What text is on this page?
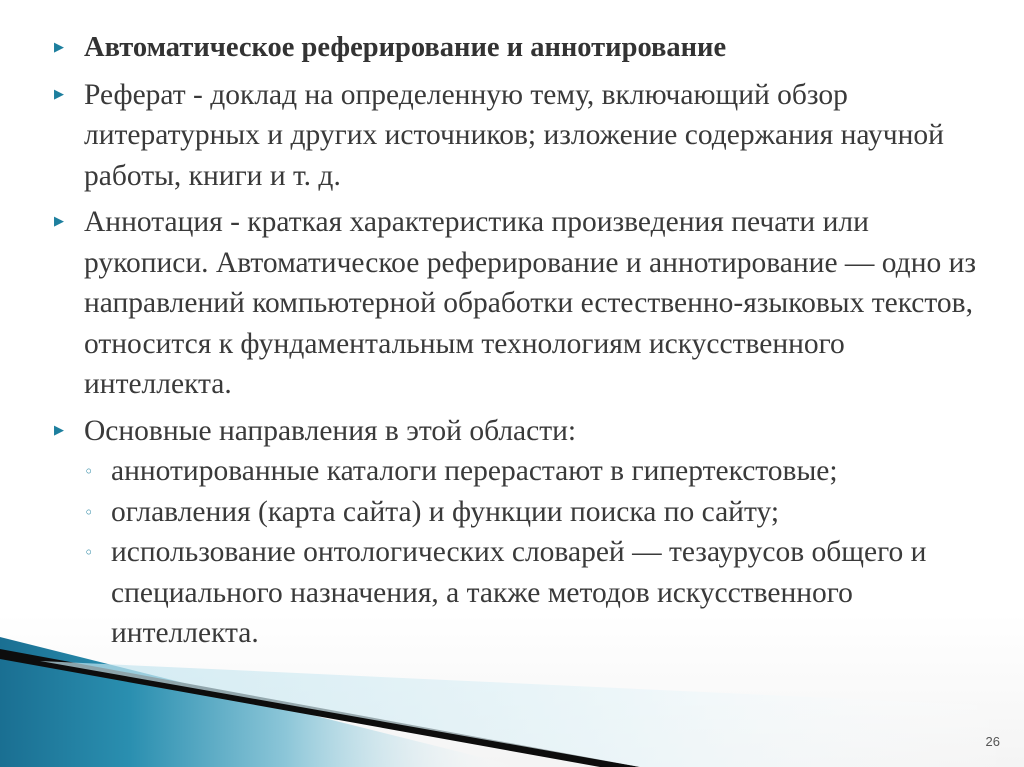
▶ Автоматическое реферирование и аннотирование
▶ Реферат - доклад на определенную тему, включающий обзор литературных и других источников; изложение содержания научной работы, книги и т. д.
▶ Аннотация - краткая характеристика произведения печати или рукописи. Автоматическое реферирование и аннотирование — одно из направлений компьютерной обработки естественно-языковых текстов, относится к фундаментальным технологиям искусственного интеллекта.
▶ Основные направления в этой области:
◦ аннотированные каталоги перерастают в гипертекстовые;
◦ оглавления (карта сайта) и функции поиска по сайту;
◦ использование онтологических словарей — тезаурусов общего и специального назначения, а также методов искусственного интеллекта.
26
